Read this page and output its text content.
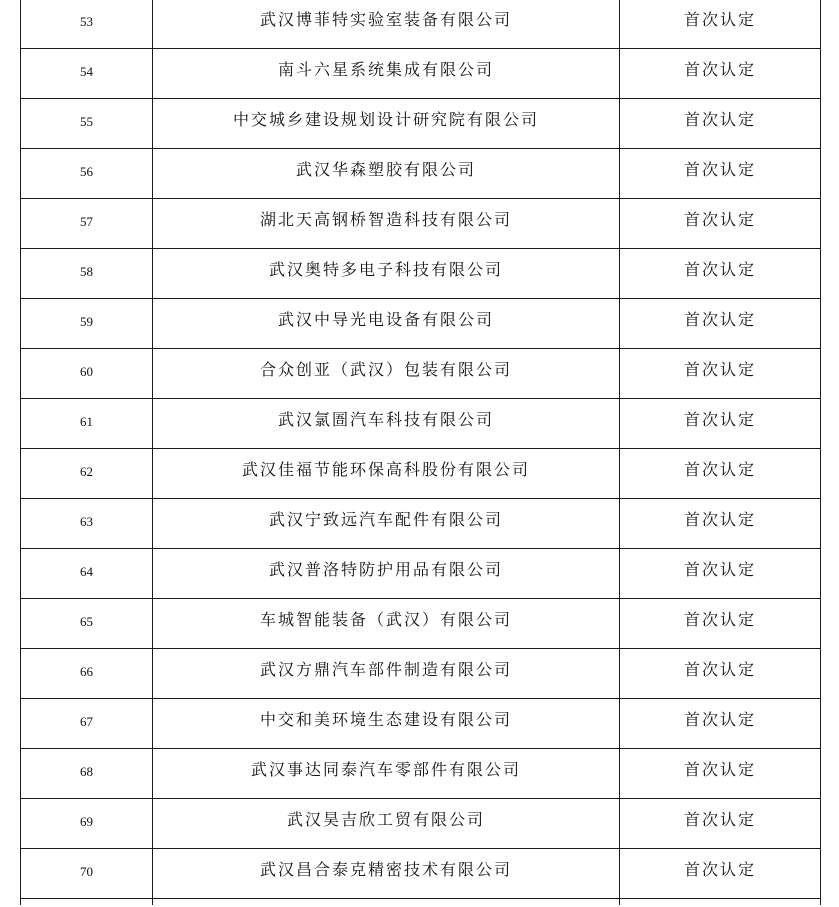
53	武汉博菲特实验室装备有限公司	首次认定
54	南斗六星系统集成有限公司	首次认定
55	中交城乡建设规划设计研究院有限公司	首次认定
56	武汉华森塑胶有限公司	首次认定
57	湖北天高钢桥智造科技有限公司	首次认定
58	武汉奥特多电子科技有限公司	首次认定
59	武汉中导光电设备有限公司	首次认定
60	合众创亚（武汉）包装有限公司	首次认定
61	武汉氯圄汽车科技有限公司	首次认定
62	武汉佳福节能环保高科股份有限公司	首次认定
63	武汉宁致远汽车配件有限公司	首次认定
64	武汉普洛特防护用品有限公司	首次认定
65	车城智能装备（武汉）有限公司	首次认定
66	武汉方鼎汽车部件制造有限公司	首次认定
67	中交和美环境生态建设有限公司	首次认定
68	武汉事达同泰汽车零部件有限公司	首次认定
69	武汉昊吉欣工贸有限公司	首次认定
70	武汉昌合泰克精密技术有限公司	首次认定
